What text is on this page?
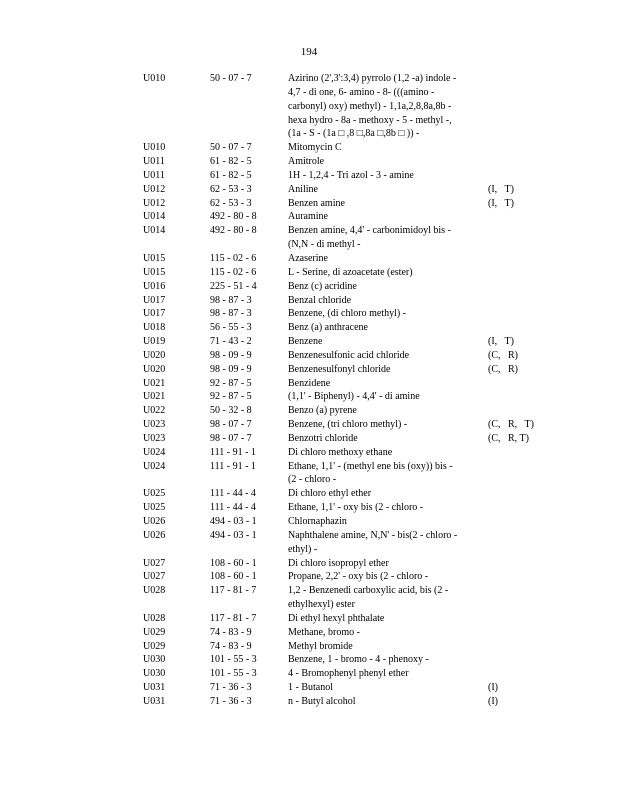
194
U010	50 - 07 - 7	Azirino (2',3':3,4) pyrrolo (1,2 -a) indole -
4,7 - di one, 6- amino - 8- (((amino -
carbonyl) oxy) methyl) - 1,1a,2,8,8a,8b -
hexa hydro - 8a - methoxy - 5 - methyl -,
(1a - S - (1a □ ,8 □,8a □,8b □ )) -
U010	50 - 07 - 7	Mitomycin C
U011	61 - 82 - 5	Amitrole
U011	61 - 82 - 5	1H - 1,2,4 - Tri azol - 3 - amine
U012	62 - 53 - 3	Aniline	(I,   T)
U012	62 - 53 - 3	Benzen amine	(I,   T)
U014	492 - 80 - 8	Auramine
U014	492 - 80 - 8	Benzen amine, 4,4' - carbonimidoyl bis -
(N,N - di methyl -
U015	115 - 02 - 6	Azaserine
U015	115 - 02 - 6	L - Serine, di azoacetate (ester)
U016	225 - 51 - 4	Benz (c) acridine
U017	98 - 87 - 3	Benzal chloride
U017	98 - 87 - 3	Benzene, (di chloro methyl) -
U018	56 - 55 - 3	Benz (a) anthracene
U019	71 - 43 - 2	Benzene	(I,   T)
U020	98 - 09 - 9	Benzenesulfonic acid chloride	(C,   R)
U020	98 - 09 - 9	Benzenesulfonyl chloride	(C,   R)
U021	92 - 87 - 5	Benzidene
U021	92 - 87 - 5	(1,1' - Biphenyl) - 4,4' - di amine
U022	50 - 32 - 8	Benzo (a) pyrene
U023	98 - 07 - 7	Benzene, (tri chloro methyl) -	(C,   R,   T)
U023	98 - 07 - 7	Benzotri chloride	(C,   R, T)
U024	111 - 91 - 1	Di chloro methoxy ethane
U024	111 - 91 - 1	Ethane, 1,1' - (methyl ene bis (oxy)) bis -
(2 - chloro -
U025	111 - 44 - 4	Di chloro ethyl ether
U025	111 - 44 - 4	Ethane, 1,1' - oxy bis (2 - chloro -
U026	494 - 03 - 1	Chlornaphazin
U026	494 - 03 - 1	Naphthalene amine, N,N' - bis(2 - chloro -
ethyl) -
U027	108 - 60 - 1	Di chloro isopropyl ether
U027	108 - 60 - 1	Propane, 2,2' - oxy bis (2 - chloro -
U028	117 - 81 - 7	1,2 - Benzenedi carboxylic acid, bis (2 -
ethylhexyl) ester
U028	117 - 81 - 7	Di ethyl hexyl phthalate
U029	74 - 83 - 9	Methane, bromo -
U029	74 - 83 - 9	Methyl bromide
U030	101 - 55 - 3	Benzene, 1 - bromo - 4 - phenoxy -
U030	101 - 55 - 3	4 - Bromophenyl phenyl ether
U031	71 - 36 - 3	1 - Butanol	(I)
U031	71 - 36 - 3	n - Butyl alcohol	(I)
